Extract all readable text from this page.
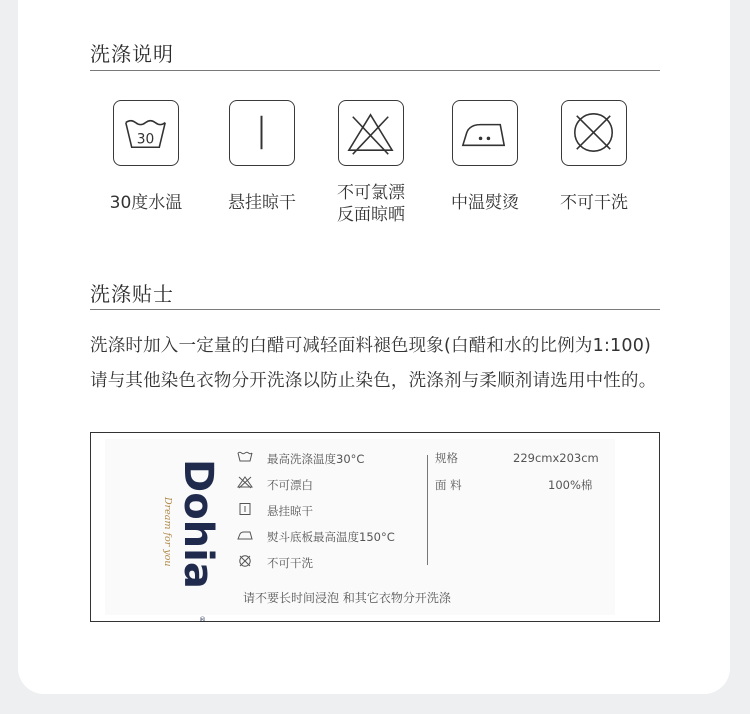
洗涤说明
30
30度水温	悬挂晾干	不可氯漂
反面晾晒
中温熨烫	不可干洗
洗涤贴士
洗涤时加入一定量的白醋可减轻面料褪色现象(白醋和水的比例为1:100)
请与其他染色衣物分开洗涤以防止染色，洗涤剂与柔顺剂请选用中性的。
Dohia
Dream for you
®
最高洗涤温度30°C
不可漂白
悬挂晾干
熨斗底板最高温度150°C
不可干洗
规格	229cmx203cm
面 料	100%棉
请不要长时间浸泡 和其它衣物分开洗涤
